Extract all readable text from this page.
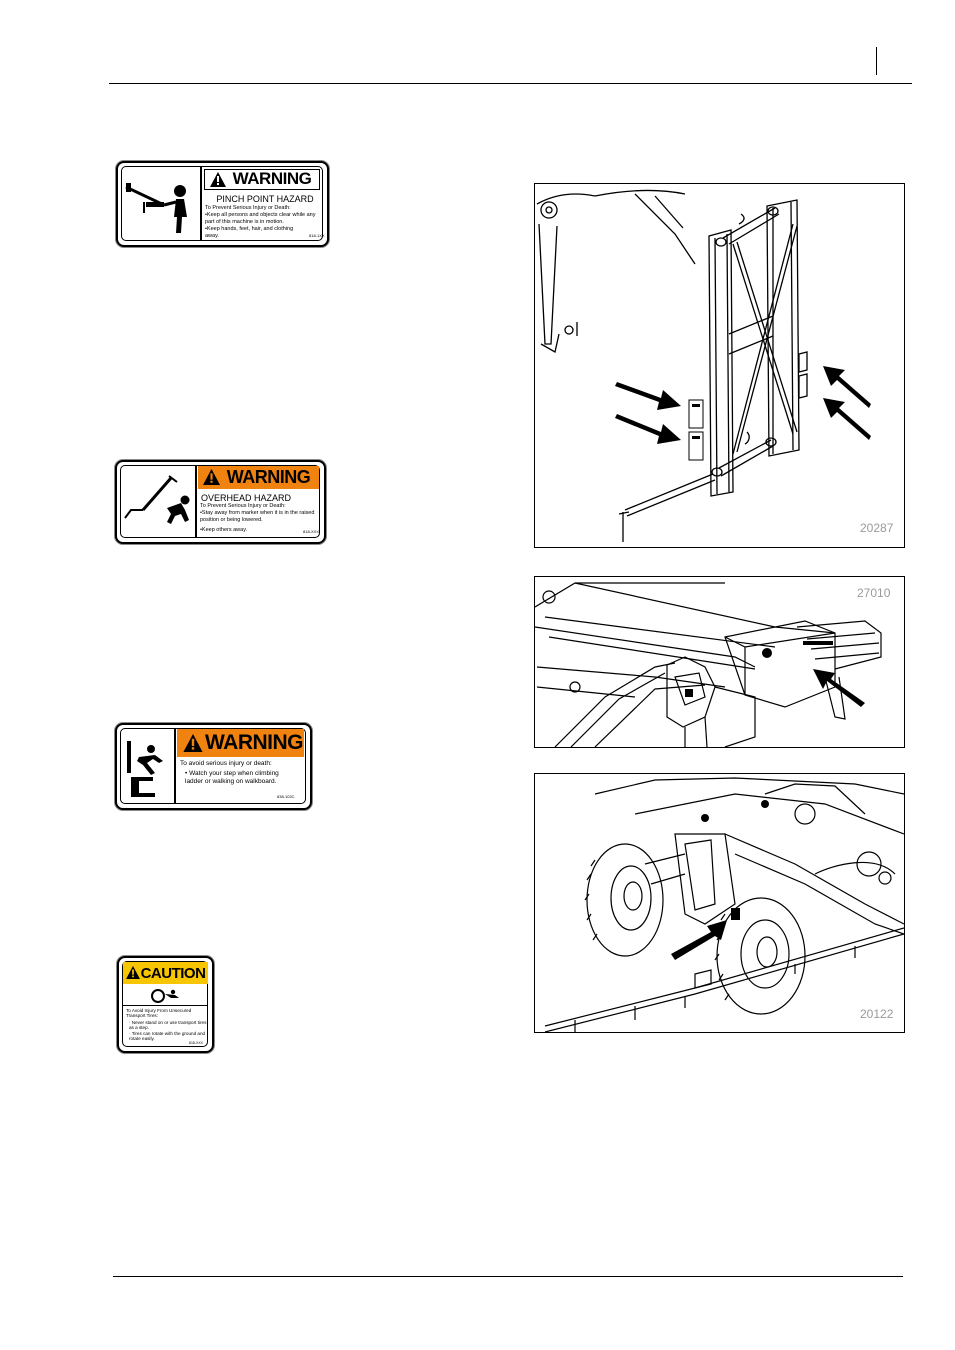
WARNING
PINCH POINT HAZARD
To Prevent Serious Injury or Death:
•Keep all persons and objects clear while any part of this machine is in motion.
•Keep hands, feet, hair, and clothing away.	818-1XX
WARNING
OVERHEAD HAZARD
To Prevent Serious Injury or Death:
•Stay away from marker when it is in the raised position or being lowered.
•Keep others away.	818-XXX
WARNING
To avoid serious injury or death:
• Watch your step when climbing ladder or walking on walkboard.
838-102C
CAUTION
To Avoid Injury From Unsecured Transport Tires:
· Never stand on or use transport tires as a step.
· Tires can rotate with the ground and rotate easily.
818-XXX
20287
27010
20122
